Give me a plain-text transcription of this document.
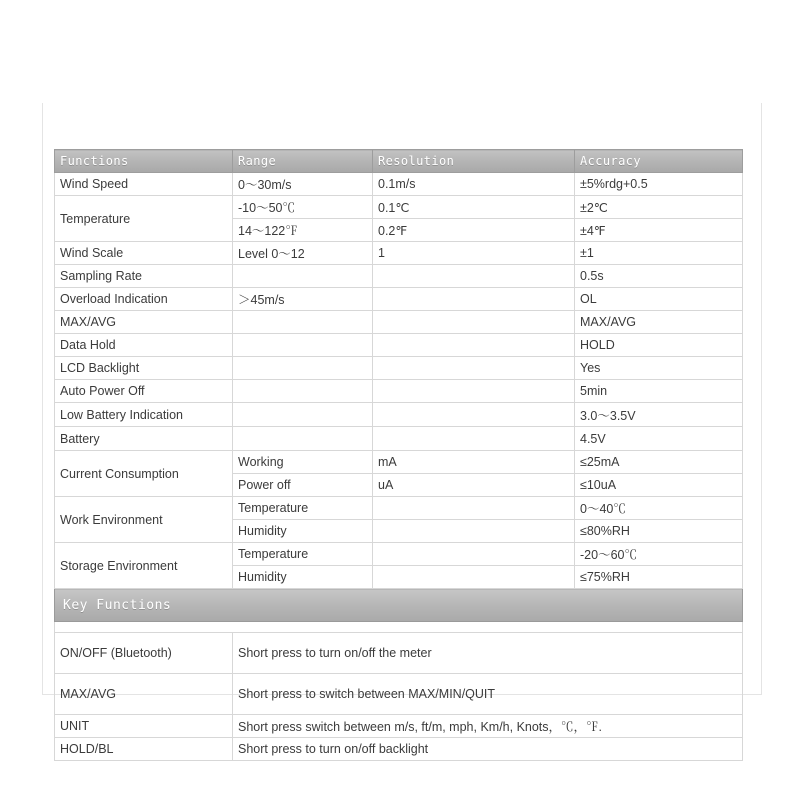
Functions	Range	Resolution	Accuracy
Wind Speed	0〜30m/s	0.1m/s	±5%rdg+0.5
Temperature	-10〜50℃	0.1℃	±2℃
	14〜122℉	0.2℉	±4℉
Wind Scale	Level 0〜12	1	±1
Sampling Rate			0.5s
Overload Indication	＞45m/s		OL
MAX/AVG			MAX/AVG
Data Hold			HOLD
LCD Backlight			Yes
Auto Power Off			5min
Low Battery Indication			3.0〜3.5V
Battery			4.5V
Current Consumption	Working	mA	≤25mA
	Power off	uA	≤10uA
Work Environment	Temperature		0〜40℃
	Humidity		≤80%RH
Storage Environment	Temperature		-20〜60℃
	Humidity		≤75%RH
Key Functions			

ON/OFF (Bluetooth)	Short press to turn on/off the meter		
MAX/AVG	Short press to switch between MAX/MIN/QUIT		
UNIT	Short press switch between m/s, ft/m, mph, Km/h, Knots，℃，℉.		
HOLD/BL	Short press to turn on/off backlight		
